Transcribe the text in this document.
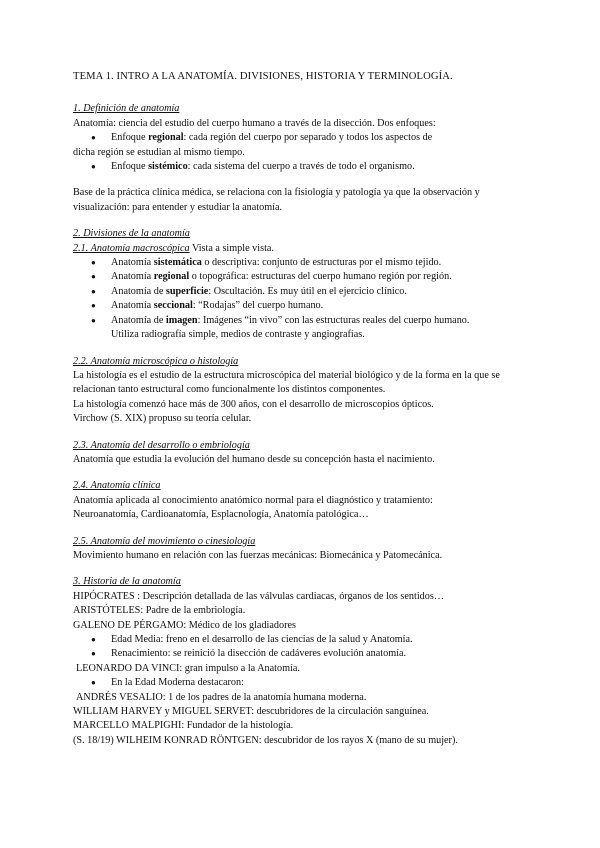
TEMA 1. INTRO A LA ANATOMÍA. DIVISIONES, HISTORIA Y TERMINOLOGÍA.

1. Definición de anatomía

Anatomía: ciencia del estudio del cuerpo humano a través de la disección. Dos enfoques:

● Enfoque regional: cada región del cuerpo por separado y todos los aspectos de

dicha región se estudian al mismo tiempo.

● Enfoque sistémico: cada sistema del cuerpo a través de todo el organismo.

Base de la práctica clínica médica, se relaciona con la fisiología y patología ya que la observación y visualización: para entender y estudiar la anatomía.

2. Divisiones de la anatomía

2.1. Anatomía macroscópica Vista a simple vista.

● Anatomía sistemática o descriptiva: conjunto de estructuras por el mismo tejido.
● Anatomía regional o topográfica: estructuras del cuerpo humano región por región.
● Anatomía de superficie: Oscultación. Es muy útil en el ejercicio clínico.
● Anatomía seccional: “Rodajas” del cuerpo humano.
● Anatomía de imagen: Imágenes “in vivo” con las estructuras reales del cuerpo humano.
Utiliza radiografía simple, medios de contraste y angiografías.

2.2. Anatomía microscópica o histología

La histología es el estudio de la estructura microscópica del material biológico y de la forma en la que se relacionan tanto estructural como funcionalmente los distintos componentes.

La histología comenzó hace más de 300 años, con el desarrollo de microscopios ópticos.

Virchow (S. XIX) propuso su teoría celular.

2.3. Anatomía del desarrollo o embriología

Anatomía que estudia la evolución del humano desde su concepción hasta el nacimiento.

2.4. Anatomía clínica

Anatomía aplicada al conocimiento anatómico normal para el diagnóstico y tratamiento:

Neuroanatomía, Cardioanatomía, Esplacnología, Anatomía patológica…

2.5. Anatomía del movimiento o cinesiología

Movimiento humano en relación con las fuerzas mecánicas: Biomecánica y Patomecánica.

3. Historia de la anatomía

HIPÓCRATES : Descripción detallada de las válvulas cardiacas, órganos de los sentidos…

ARISTÓTELES: Padre de la embriología.

GALENO DE PÉRGAMO: Médico de los gladiadores

● Edad Media: freno en el desarrollo de las ciencias de la salud y Anatomía.
● Renacimiento: se reinició la disección de cadáveres evolución anatomía.

LEONARDO DA VINCI: gran impulso a la Anatomía.

● En la Edad Moderna destacaron:

ANDRÉS VESALIO: 1 de los padres de la anatomía humana moderna.

WILLIAM HARVEY y MIGUEL SERVET: descubridores de la circulación sanguínea.

MARCELLO MALPIGHI: Fundador de la histología.

(S. 18/19) WILHEIM KONRAD RÖNTGEN: descubridor de los rayos X (mano de su mujer).
